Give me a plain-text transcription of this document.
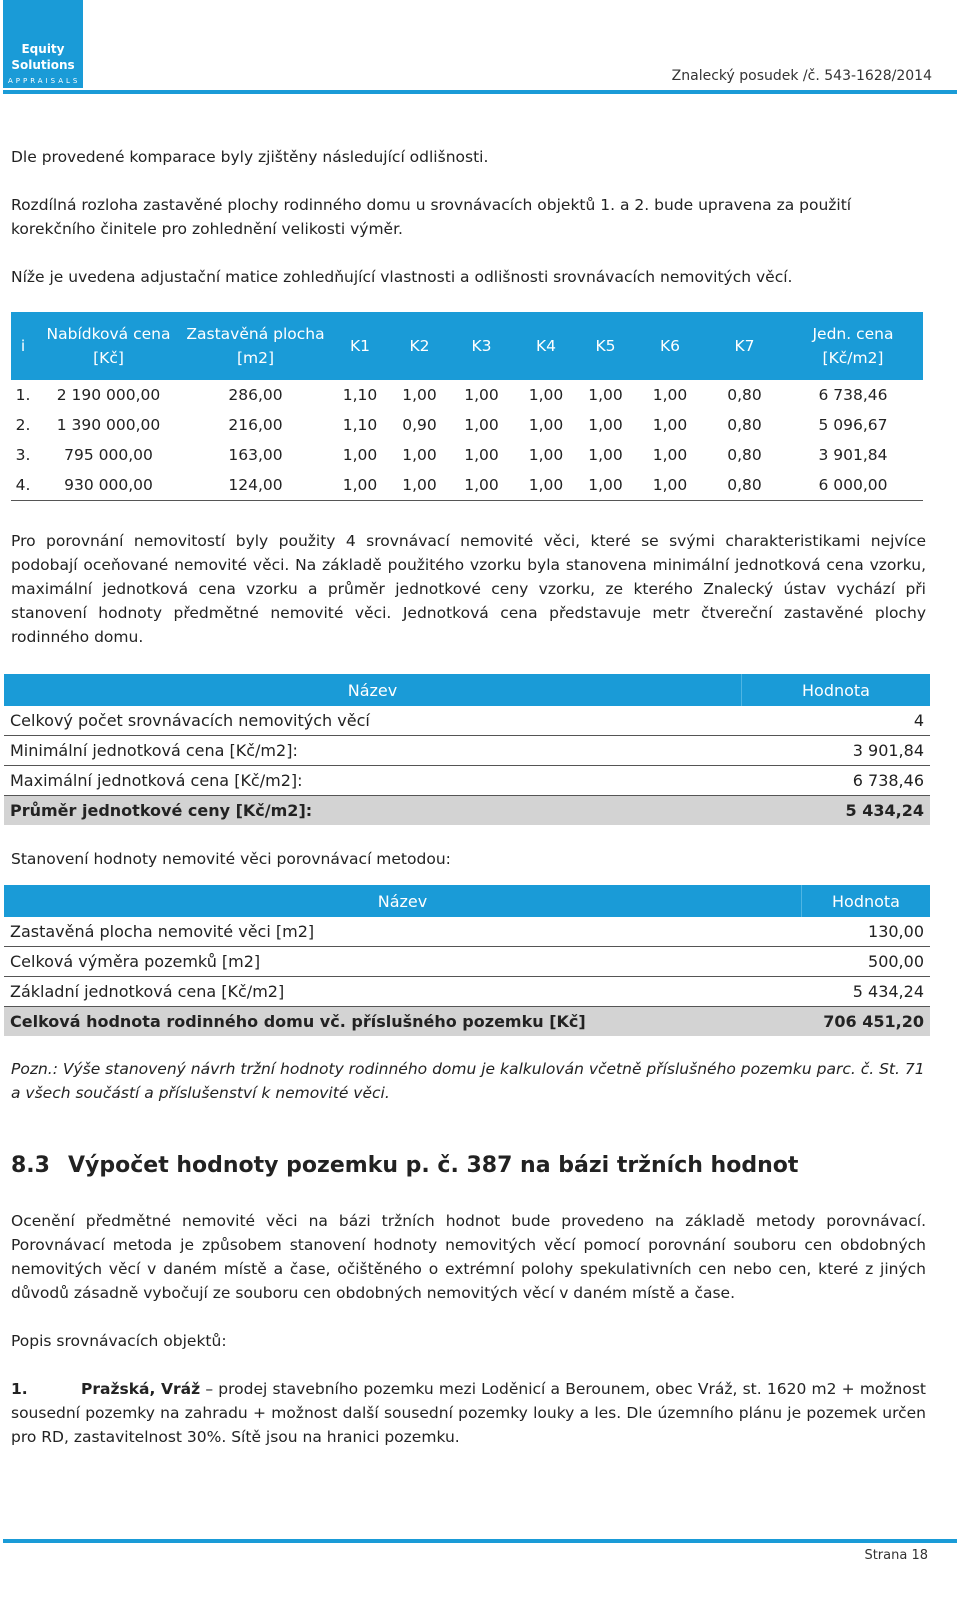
Equity
Solutions
APPRAISALS	Znalecký posudek /č. 543-1628/2014

Dle provedené komparace byly zjištěny následující odlišnosti.

Rozdílná rozloha zastavěné plochy rodinného domu u srovnávacích objektů 1. a 2. bude upravena za použití korekčního činitele pro zohlednění velikosti výměr.

Níže je uvedena adjustační matice zohledňující vlastnosti a odlišnosti srovnávacích nemovitých věcí.

i	Nabídková cena [Kč]	Zastavěná plocha [m2]	K1	K2	K3	K4	K5	K6	K7	Jedn. cena [Kč/m2]
1.	2 190 000,00	286,00	1,10	1,00	1,00	1,00	1,00	1,00	0,80	6 738,46
2.	1 390 000,00	216,00	1,10	0,90	1,00	1,00	1,00	1,00	0,80	5 096,67
3.	795 000,00	163,00	1,00	1,00	1,00	1,00	1,00	1,00	0,80	3 901,84
4.	930 000,00	124,00	1,00	1,00	1,00	1,00	1,00	1,00	0,80	6 000,00

Pro porovnání nemovitostí byly použity 4 srovnávací nemovité věci, které se svými charakteristikami nejvíce podobají oceňované nemovité věci. Na základě použitého vzorku byla stanovena minimální jednotková cena vzorku, maximální jednotková cena vzorku a průměr jednotkové ceny vzorku, ze kterého Znalecký ústav vychází při stanovení hodnoty předmětné nemovité věci. Jednotková cena představuje metr čtvereční zastavěné plochy rodinného domu.

Název	Hodnota
Celkový počet srovnávacích nemovitých věcí	4
Minimální jednotková cena [Kč/m2]:	3 901,84
Maximální jednotková cena [Kč/m2]:	6 738,46
Průměr jednotkové ceny [Kč/m2]:	5 434,24

Stanovení hodnoty nemovité věci porovnávací metodou:

Název	Hodnota
Zastavěná plocha nemovité věci [m2]	130,00
Celková výměra pozemků [m2]	500,00
Základní jednotková cena [Kč/m2]	5 434,24
Celková hodnota rodinného domu vč. příslušného pozemku [Kč]	706 451,20

Pozn.: Výše stanovený návrh tržní hodnoty rodinného domu je kalkulován včetně příslušného pozemku parc. č. St. 71 a všech součástí a příslušenství k nemovité věci.

8.3 Výpočet hodnoty pozemku p. č. 387 na bázi tržních hodnot

Ocenění předmětné nemovité věci na bázi tržních hodnot bude provedeno na základě metody porovnávací. Porovnávací metoda je způsobem stanovení hodnoty nemovitých věcí pomocí porovnání souboru cen obdobných nemovitých věcí v daném místě a čase, očištěného o extrémní polohy spekulativních cen nebo cen, které z jiných důvodů zásadně vybočují ze souboru cen obdobných nemovitých věcí v daném místě a čase.

Popis srovnávacích objektů:

1.	Pražská, Vráž – prodej stavebního pozemku mezi Loděnicí a Berounem, obec Vráž, st. 1620 m2 + možnost sousední pozemky na zahradu + možnost další sousední pozemky louky a les. Dle územního plánu je pozemek určen pro RD, zastavitelnost 30%. Sítě jsou na hranici pozemku.

Strana 18
